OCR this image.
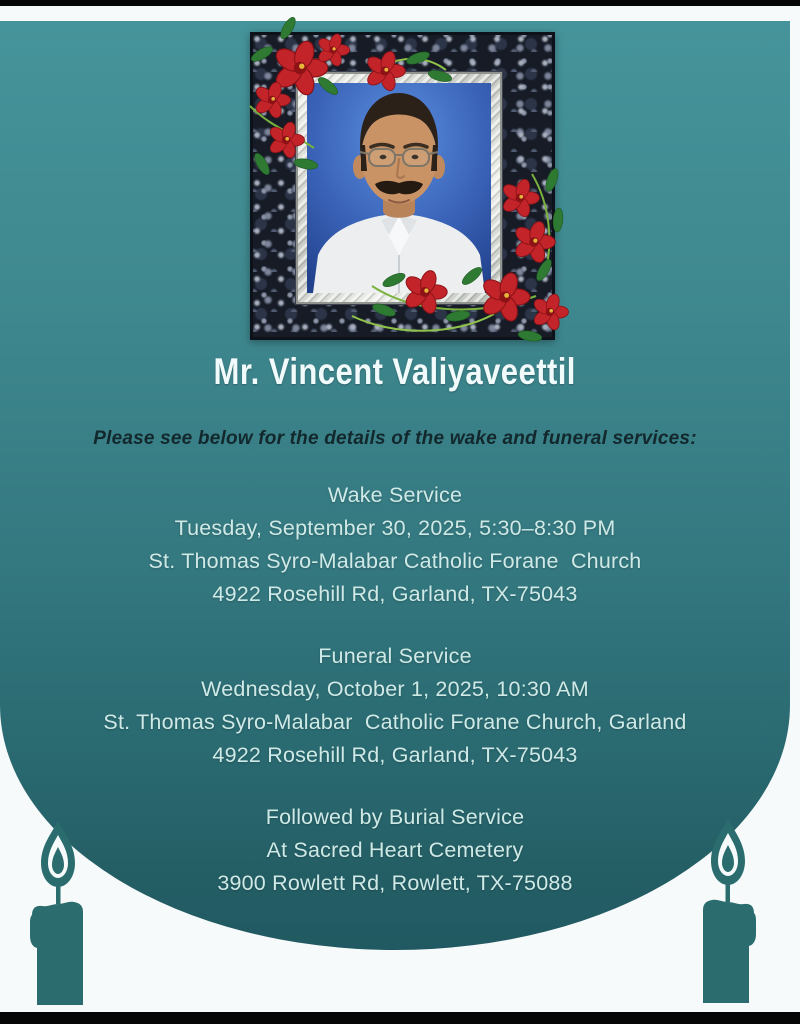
Mr. Vincent Valiyaveettil
Please see below for the details of the wake and funeral services:
Wake Service
Tuesday, September 30, 2025, 5:30–8:30 PM
St. Thomas Syro-Malabar Catholic Forane  Church
4922 Rosehill Rd, Garland, TX-75043
Funeral Service
Wednesday, October 1, 2025, 10:30 AM
St. Thomas Syro-Malabar  Catholic Forane Church, Garland
4922 Rosehill Rd, Garland, TX-75043
Followed by Burial Service
At Sacred Heart Cemetery
3900 Rowlett Rd, Rowlett, TX-75088
